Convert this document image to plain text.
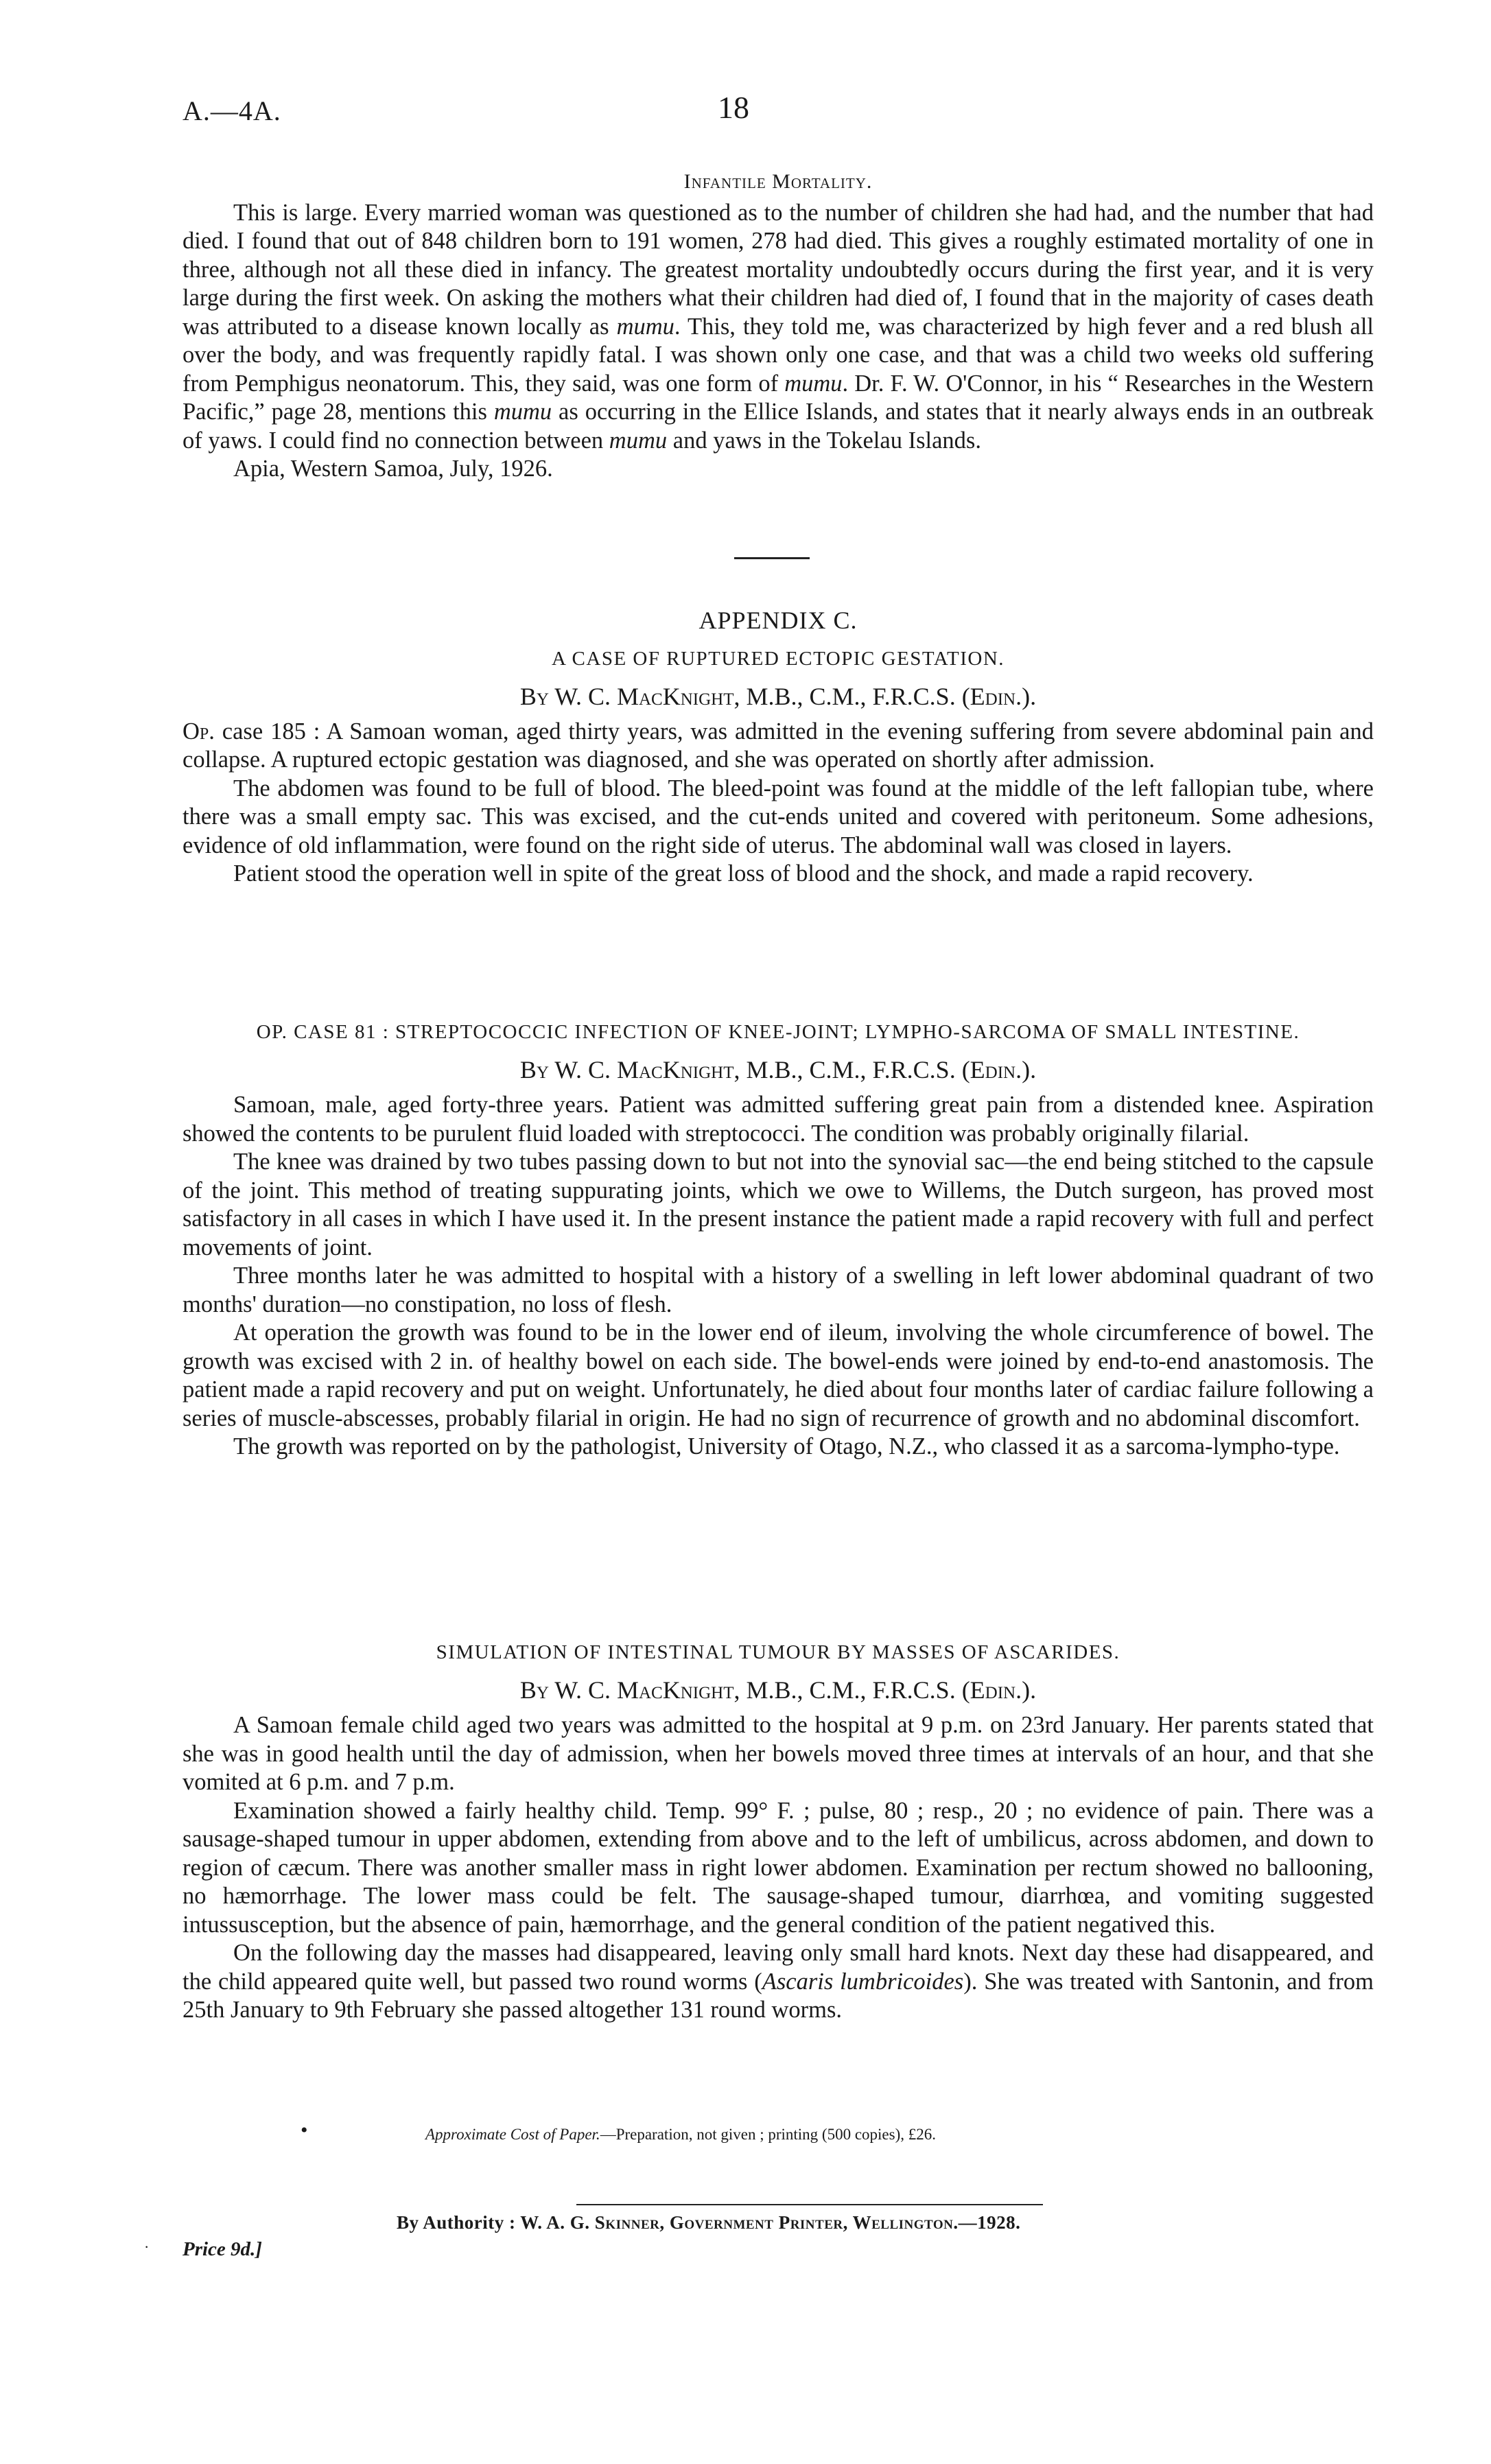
A.—4A.	18
Infantile Mortality.

This is large. Every married woman was questioned as to the number of children she had had, and the number that had died. I found that out of 848 children born to 191 women, 278 had died. This gives a roughly estimated mortality of one in three, although not all these died in infancy. The greatest mortality undoubtedly occurs during the first year, and it is very large during the first week. On asking the mothers what their children had died of, I found that in the majority of cases death was attributed to a disease known locally as mumu. This, they told me, was characterized by high fever and a red blush all over the body, and was frequently rapidly fatal. I was shown only one case, and that was a child two weeks old suffering from Pemphigus neonatorum. This, they said, was one form of mumu. Dr. F. W. O'Connor, in his “ Researches in the Western Pacific,” page 28, mentions this mumu as occurring in the Ellice Islands, and states that it nearly always ends in an outbreak of yaws. I could find no connection between mumu and yaws in the Tokelau Islands.

Apia, Western Samoa, July, 1926.
APPENDIX C.
A CASE OF RUPTURED ECTOPIC GESTATION.
By W. C. MacKnight, M.B., C.M., F.R.C.S. (Edin.).

Op. case 185 : A Samoan woman, aged thirty years, was admitted in the evening suffering from severe abdominal pain and collapse. A ruptured ectopic gestation was diagnosed, and she was operated on shortly after admission.

The abdomen was found to be full of blood. The bleed-point was found at the middle of the left fallopian tube, where there was a small empty sac. This was excised, and the cut-ends united and covered with peritoneum. Some adhesions, evidence of old inflammation, were found on the right side of uterus. The abdominal wall was closed in layers.

Patient stood the operation well in spite of the great loss of blood and the shock, and made a rapid recovery.

OP. CASE 81 : STREPTOCOCCIC INFECTION OF KNEE-JOINT; LYMPHO-SARCOMA OF SMALL INTESTINE.
By W. C. MacKnight, M.B., C.M., F.R.C.S. (Edin.).

Samoan, male, aged forty-three years. Patient was admitted suffering great pain from a distended knee. Aspiration showed the contents to be purulent fluid loaded with streptococci. The condition was probably originally filarial.

The knee was drained by two tubes passing down to but not into the synovial sac—the end being stitched to the capsule of the joint. This method of treating suppurating joints, which we owe to Willems, the Dutch surgeon, has proved most satisfactory in all cases in which I have used it. In the present instance the patient made a rapid recovery with full and perfect movements of joint.

Three months later he was admitted to hospital with a history of a swelling in left lower abdominal quadrant of two months' duration—no constipation, no loss of flesh.

At operation the growth was found to be in the lower end of ileum, involving the whole circumference of bowel. The growth was excised with 2 in. of healthy bowel on each side. The bowel-ends were joined by end-to-end anastomosis. The patient made a rapid recovery and put on weight. Unfortunately, he died about four months later of cardiac failure following a series of muscle-abscesses, probably filarial in origin. He had no sign of recurrence of growth and no abdominal discomfort.

The growth was reported on by the pathologist, University of Otago, N.Z., who classed it as a sarcoma-lympho-type.

SIMULATION OF INTESTINAL TUMOUR BY MASSES OF ASCARIDES.
By W. C. MacKnight, M.B., C.M., F.R.C.S. (Edin.).

A Samoan female child aged two years was admitted to the hospital at 9 p.m. on 23rd January. Her parents stated that she was in good health until the day of admission, when her bowels moved three times at intervals of an hour, and that she vomited at 6 p.m. and 7 p.m.

Examination showed a fairly healthy child. Temp. 99° F. ; pulse, 80 ; resp., 20 ; no evidence of pain. There was a sausage-shaped tumour in upper abdomen, extending from above and to the left of umbilicus, across abdomen, and down to region of cæcum. There was another smaller mass in right lower abdomen. Examination per rectum showed no ballooning, no hæmorrhage. The lower mass could be felt. The sausage-shaped tumour, diarrhœa, and vomiting suggested intussusception, but the absence of pain, hæmorrhage, and the general condition of the patient negatived this.

On the following day the masses had disappeared, leaving only small hard knots. Next day these had disappeared, and the child appeared quite well, but passed two round worms (Ascaris lumbricoides). She was treated with Santonin, and from 25th January to 9th February she passed altogether 131 round worms.

Approximate Cost of Paper.—Preparation, not given ; printing (500 copies), £26.
By Authority : W. A. G. Skinner, Government Printer, Wellington.—1928.
Price 9d.]
•
·
